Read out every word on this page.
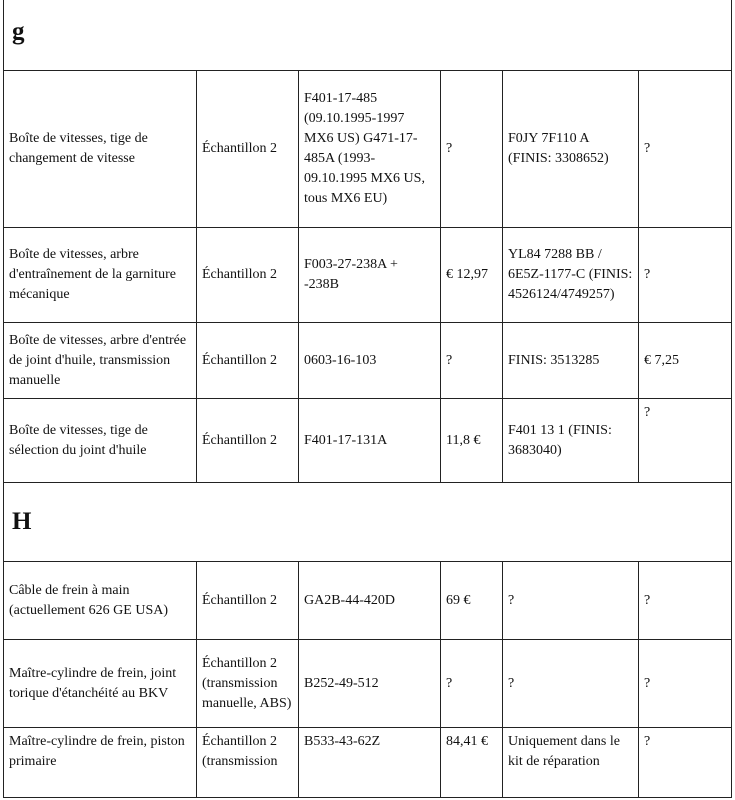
g					
Boîte de vitesses, tige de changement de vitesse	Échantillon 2	F401-17-485 (09.10.1995-1997 MX6 US) G471-17-485A (1993-09.10.1995 MX6 US, tous MX6 EU)	?	F0JY 7F110 A (FINIS: 3308652)	?
Boîte de vitesses, arbre d'entraînement de la garniture mécanique	Échantillon 2	F003-27-238A + -238B	€ 12,97	YL84 7288 BB / 6E5Z-1177-C (FINIS: 4526124/4749257)	?
Boîte de vitesses, arbre d'entrée de joint d'huile, transmission manuelle	Échantillon 2	0603-16-103	?	FINIS: 3513285	€ 7,25
Boîte de vitesses, tige de sélection du joint d'huile	Échantillon 2	F401-17-131A	11,8 €	F401 13 1 (FINIS: 3683040)	?
H					
Câble de frein à main (actuellement 626 GE USA)	Échantillon 2	GA2B-44-420D	69 €	?	?
Maître-cylindre de frein, joint torique d'étanchéité au BKV	Échantillon 2 (transmission manuelle, ABS)	B252-49-512	?	?	?
Maître-cylindre de frein, piston primaire	Échantillon 2 (transmission	B533-43-62Z	84,41 €	Uniquement dans le kit de réparation	?
